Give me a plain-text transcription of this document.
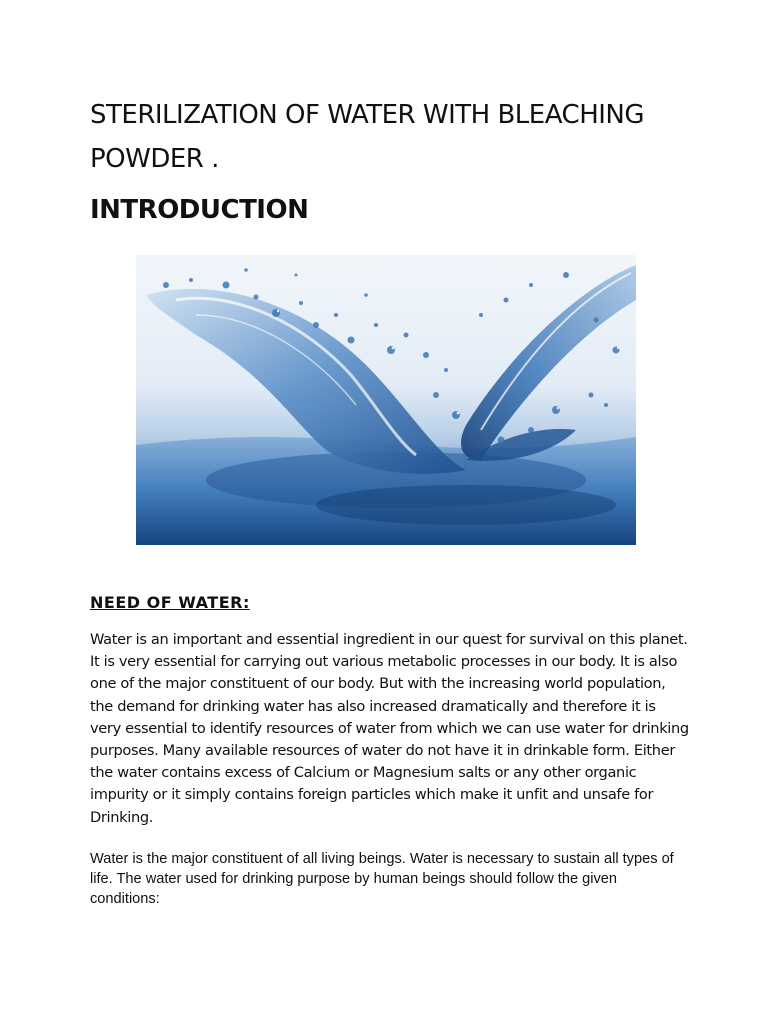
STERILIZATION OF WATER WITH BLEACHING
POWDER .
INTRODUCTION
NEED OF WATER:

Water is an important and essential ingredient in our quest for survival on this planet. It is very essential for carrying out various metabolic processes in our body. It is also one of the major constituent of our body. But with the increasing world population, the demand for drinking water has also increased dramatically and therefore it is very essential to identify resources of water from which we can use water for drinking purposes. Many available resources of water do not have it in drinkable form. Either the water contains excess of Calcium or Magnesium salts or any other organic impurity or it simply contains foreign particles which make it unfit and unsafe for Drinking.

Water is the major constituent of all living beings. Water is necessary to sustain all types of life. The water used for drinking purpose by human beings should follow the given conditions:
